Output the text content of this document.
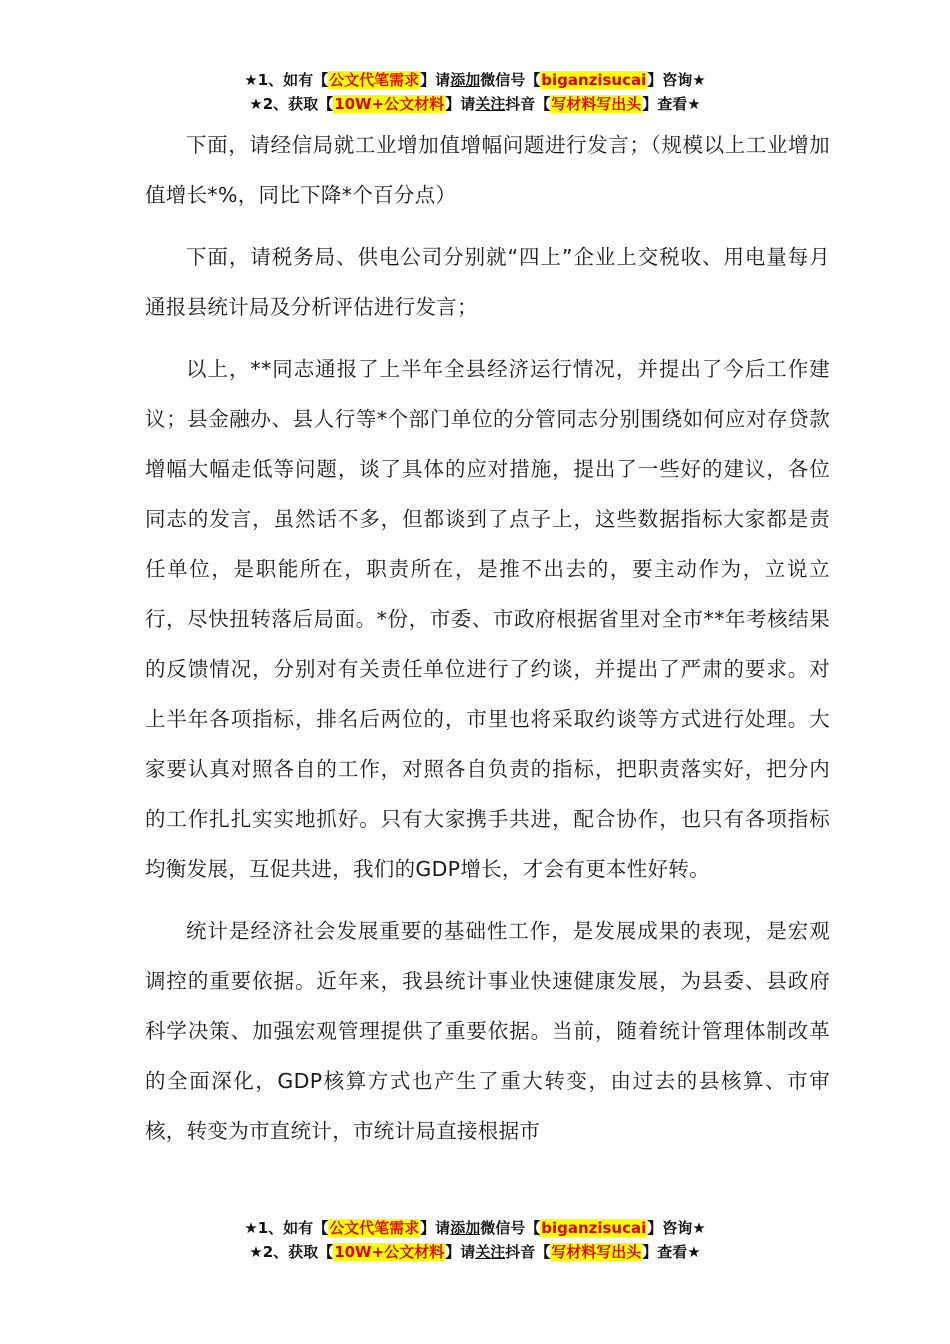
★1、如有【公文代笔需求】请添加微信号【biganzisucai】咨询★
★2、获取【10W+公文材料】请关注抖音【写材料写出头】查看★

下面，请经信局就工业增加值增幅问题进行发言；（规模以上工业增加值增长*%，同比下降*个百分点）

下面，请税务局、供电公司分别就“四上”企业上交税收、用电量每月通报县统计局及分析评估进行发言；

以上，**同志通报了上半年全县经济运行情况，并提出了今后工作建议；县金融办、县人行等*个部门单位的分管同志分别围绕如何应对存贷款增幅大幅走低等问题，谈了具体的应对措施，提出了一些好的建议，各位同志的发言，虽然话不多，但都谈到了点子上，这些数据指标大家都是责任单位，是职能所在，职责所在，是推不出去的，要主动作为，立说立行，尽快扭转落后局面。*份，市委、市政府根据省里对全市**年考核结果的反馈情况，分别对有关责任单位进行了约谈，并提出了严肃的要求。对上半年各项指标，排名后两位的，市里也将采取约谈等方式进行处理。大家要认真对照各自的工作，对照各自负责的指标，把职责落实好，把分内的工作扎扎实实地抓好。只有大家携手共进，配合协作，也只有各项指标均衡发展，互促共进，我们的GDP增长，才会有更本性好转。

统计是经济社会发展重要的基础性工作，是发展成果的表现，是宏观调控的重要依据。近年来，我县统计事业快速健康发展，为县委、县政府科学决策、加强宏观管理提供了重要依据。当前，随着统计管理体制改革的全面深化，GDP核算方式也产生了重大转变，由过去的县核算、市审核，转变为市直统计，市统计局直接根据市

★1、如有【公文代笔需求】请添加微信号【biganzisucai】咨询★
★2、获取【10W+公文材料】请关注抖音【写材料写出头】查看★
